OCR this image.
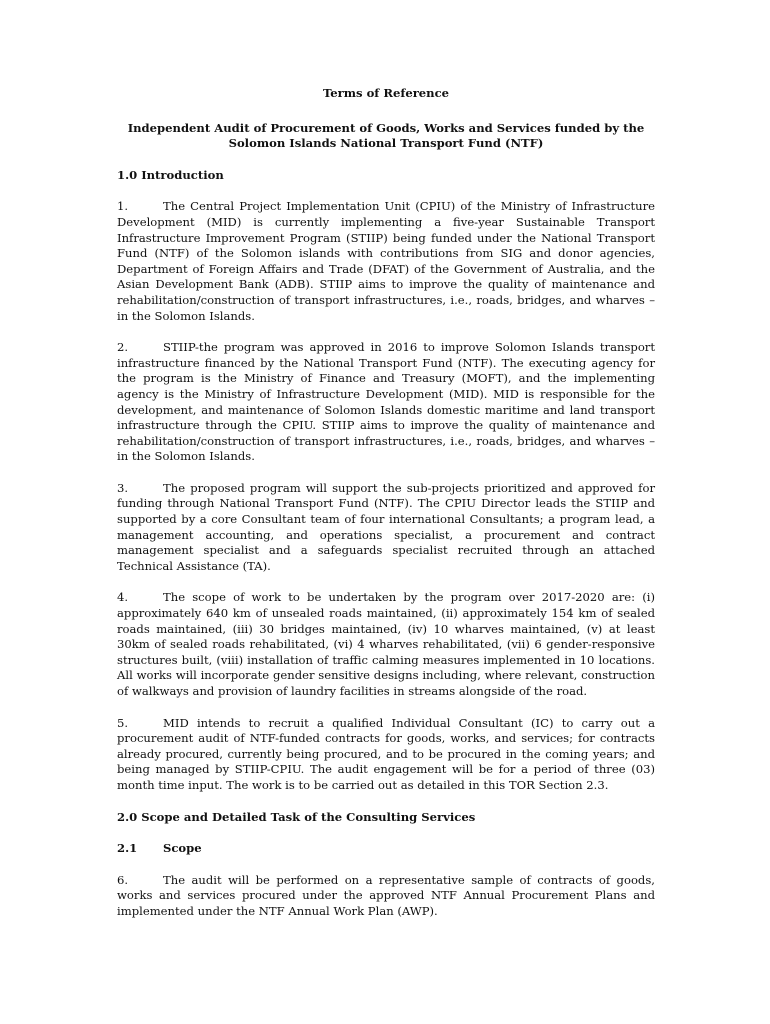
Terms of Reference
Independent Audit of Procurement of Goods, Works and Services funded by the Solomon Islands National Transport Fund (NTF)
1.0 Introduction
1.	The Central Project Implementation Unit (CPIU) of the Ministry of Infrastructure Development (MID) is currently implementing a five-year Sustainable Transport Infrastructure Improvement Program (STIIP) being funded under the National Transport Fund (NTF) of the Solomon islands with contributions from SIG and donor agencies, Department of Foreign Affairs and Trade (DFAT) of the Government of Australia, and the Asian Development Bank (ADB). STIIP aims to improve the quality of maintenance and rehabilitation/construction of transport infrastructures, i.e., roads, bridges, and wharves – in the Solomon Islands.
2.	STIIP-the program was approved in 2016 to improve Solomon Islands transport infrastructure financed by the National Transport Fund (NTF). The executing agency for the program is the Ministry of Finance and Treasury (MOFT), and the implementing agency is the Ministry of Infrastructure Development (MID). MID is responsible for the development, and maintenance of Solomon Islands domestic maritime and land transport infrastructure through the CPIU. STIIP aims to improve the quality of maintenance and rehabilitation/construction of transport infrastructures, i.e., roads, bridges, and wharves – in the Solomon Islands.
3.	The proposed program will support the sub-projects prioritized and approved for funding through National Transport Fund (NTF). The CPIU Director leads the STIIP and supported by a core Consultant team of four international Consultants; a program lead, a management accounting, and operations specialist, a procurement and contract management specialist and a safeguards specialist recruited through an attached Technical Assistance (TA).
4.	The scope of work to be undertaken by the program over 2017-2020 are: (i) approximately 640 km of unsealed roads maintained, (ii) approximately 154 km of sealed roads maintained, (iii) 30 bridges maintained, (iv) 10 wharves maintained, (v) at least 30km of sealed roads rehabilitated, (vi) 4 wharves rehabilitated, (vii) 6 gender-responsive structures built, (viii) installation of traffic calming measures implemented in 10 locations. All works will incorporate gender sensitive designs including, where relevant, construction of walkways and provision of laundry facilities in streams alongside of the road.
5.	MID intends to recruit a qualified Individual Consultant (IC) to carry out a procurement audit of NTF-funded contracts for goods, works, and services; for contracts already procured, currently being procured, and to be procured in the coming years; and being managed by STIIP-CPIU. The audit engagement will be for a period of three (03) month time input. The work is to be carried out as detailed in this TOR Section 2.3.
2.0 Scope and Detailed Task of the Consulting Services
2.1 Scope
6.	The audit will be performed on a representative sample of contracts of goods, works and services procured under the approved NTF Annual Procurement Plans and implemented under the NTF Annual Work Plan (AWP).
